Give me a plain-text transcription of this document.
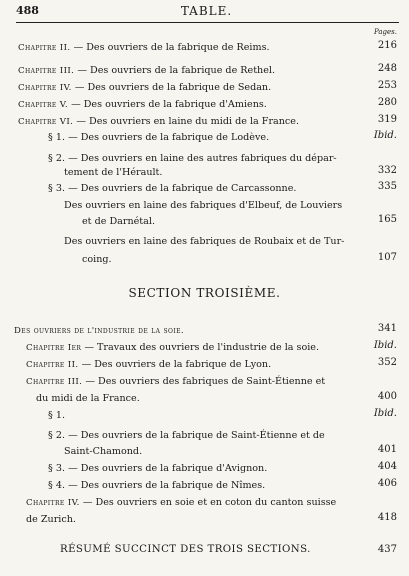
488	TABLE.
Pages.
Chapitre II. — Des ouvriers de la fabrique de Reims.	216
Chapitre III. — Des ouvriers de la fabrique de Rethel.	248
Chapitre IV. — Des ouvriers de la fabrique de Sedan.	253
Chapitre V. — Des ouvriers de la fabrique d'Amiens.	280
Chapitre VI. — Des ouvriers en laine du midi de la France.	319
§ 1. — Des ouvriers de la fabrique de Lodève.	Ibid.
§ 2. — Des ouvriers en laine des autres fabriques du dépar-
tement de l'Hérault.	332
§ 3. — Des ouvriers de la fabrique de Carcassonne.	335
Des ouvriers en laine des fabriques d'Elbeuf, de Louviers
et de Darnétal.	165
Des ouvriers en laine des fabriques de Roubaix et de Tur-
coing.	107
SECTION TROISIÈME.
Des ouvriers de l'industrie de la soie.	341
Chapitre Ier — Travaux des ouvriers de l'industrie de la soie.	Ibid.
Chapitre II. — Des ouvriers de la fabrique de Lyon.	352
Chapitre III. — Des ouvriers des fabriques de Saint-Étienne et
du midi de la France.	400
§ 1.	Ibid.
§ 2. — Des ouvriers de la fabrique de Saint-Étienne et de
Saint-Chamond.	401
§ 3. — Des ouvriers de la fabrique d'Avignon.	404
§ 4. — Des ouvriers de la fabrique de Nîmes.	406
Chapitre IV. — Des ouvriers en soie et en coton du canton suisse
de Zurich.	418
RÉSUMÉ SUCCINCT DES TROIS SECTIONS.	437
